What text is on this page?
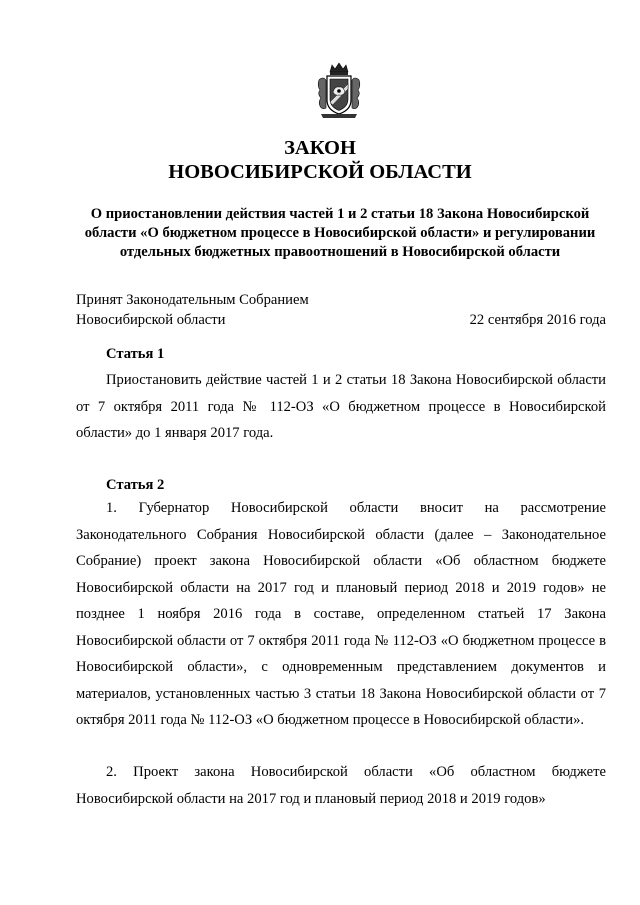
ЗАКОН
НОВОСИБИРСКОЙ ОБЛАСТИ

О приостановлении действия частей 1 и 2 статьи 18 Закона Новосибирской области «О бюджетном процессе в Новосибирской области» и регулировании отдельных бюджетных правоотношений в Новосибирской области

Принят Законодательным Собранием
Новосибирской области	22 сентября 2016 года
Статья 1

Приостановить действие частей 1 и 2 статьи 18 Закона Новосибирской области от 7 октября 2011 года № 112-ОЗ «О бюджетном процессе в Новосибирской области» до 1 января 2017 года.

Статья 2

1. Губернатор Новосибирской области вносит на рассмотрение Законодательного Собрания Новосибирской области (далее – Законодательное Собрание) проект закона Новосибирской области «Об областном бюджете Новосибирской области на 2017 год и плановый период 2018 и 2019 годов» не позднее 1 ноября 2016 года в составе, определенном статьей 17 Закона Новосибирской области от 7 октября 2011 года № 112-ОЗ «О бюджетном процессе в Новосибирской области», с одновременным представлением документов и материалов, установленных частью 3 статьи 18 Закона Новосибирской области от 7 октября 2011 года № 112-ОЗ «О бюджетном процессе в Новосибирской области».

2. Проект закона Новосибирской области «Об областном бюджете Новосибирской области на 2017 год и плановый период 2018 и 2019 годов»
